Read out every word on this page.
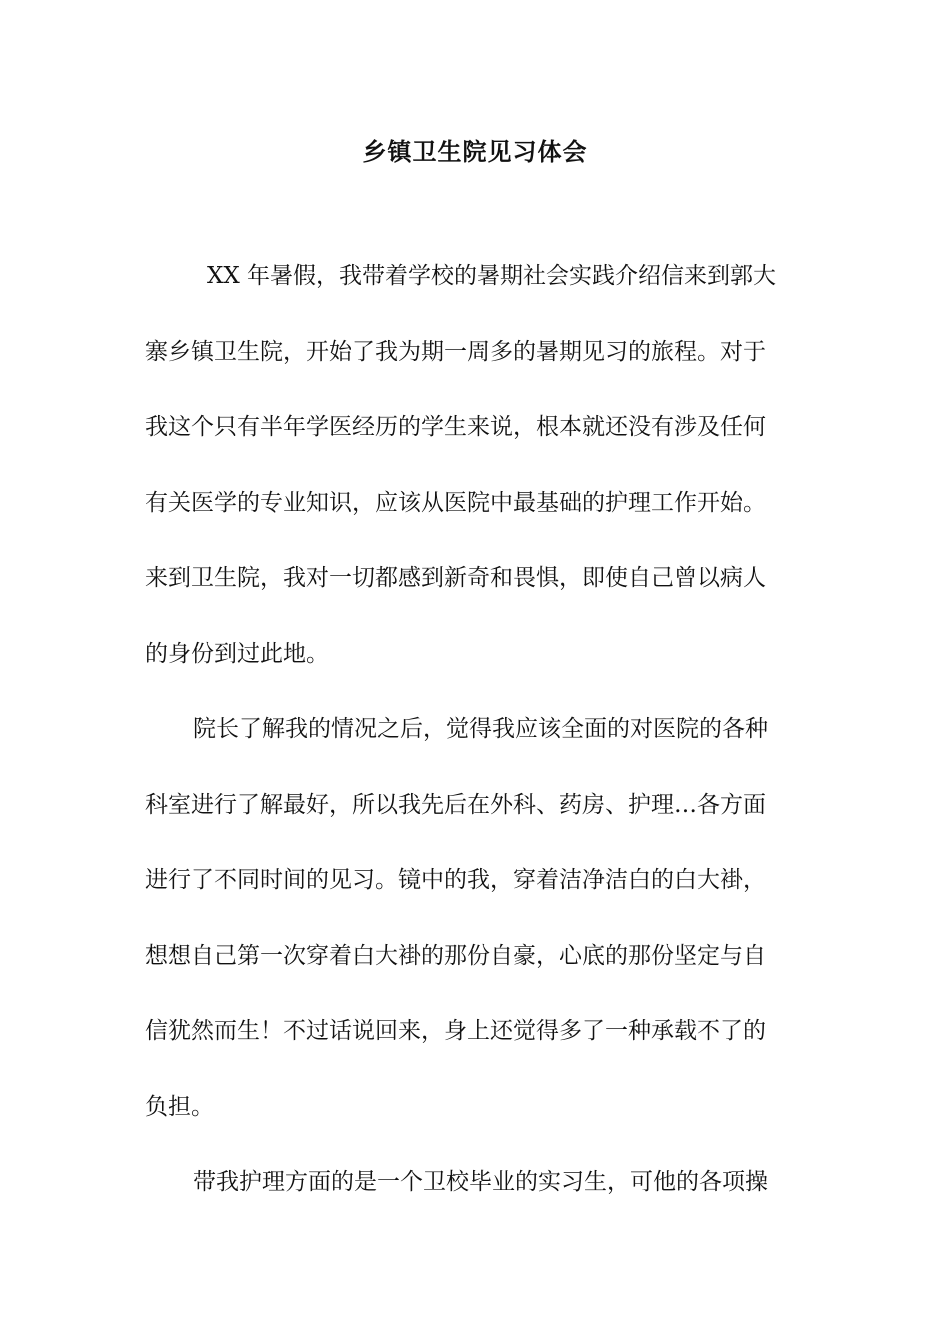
乡镇卫生院见习体会
XX 年暑假，我带着学校的暑期社会实践介绍信来到郭大
寨乡镇卫生院，开始了我为期一周多的暑期见习的旅程。对于
我这个只有半年学医经历的学生来说，根本就还没有涉及任何
有关医学的专业知识，应该从医院中最基础的护理工作开始。
来到卫生院，我对一切都感到新奇和畏惧，即使自己曾以病人
的身份到过此地。
院长了解我的情况之后，觉得我应该全面的对医院的各种
科室进行了解最好，所以我先后在外科、药房、护理…各方面
进行了不同时间的见习。镜中的我，穿着洁净洁白的白大褂，
想想自己第一次穿着白大褂的那份自豪，心底的那份坚定与自
信犹然而生！不过话说回来，身上还觉得多了一种承载不了的
负担。
带我护理方面的是一个卫校毕业的实习生，可他的各项操
